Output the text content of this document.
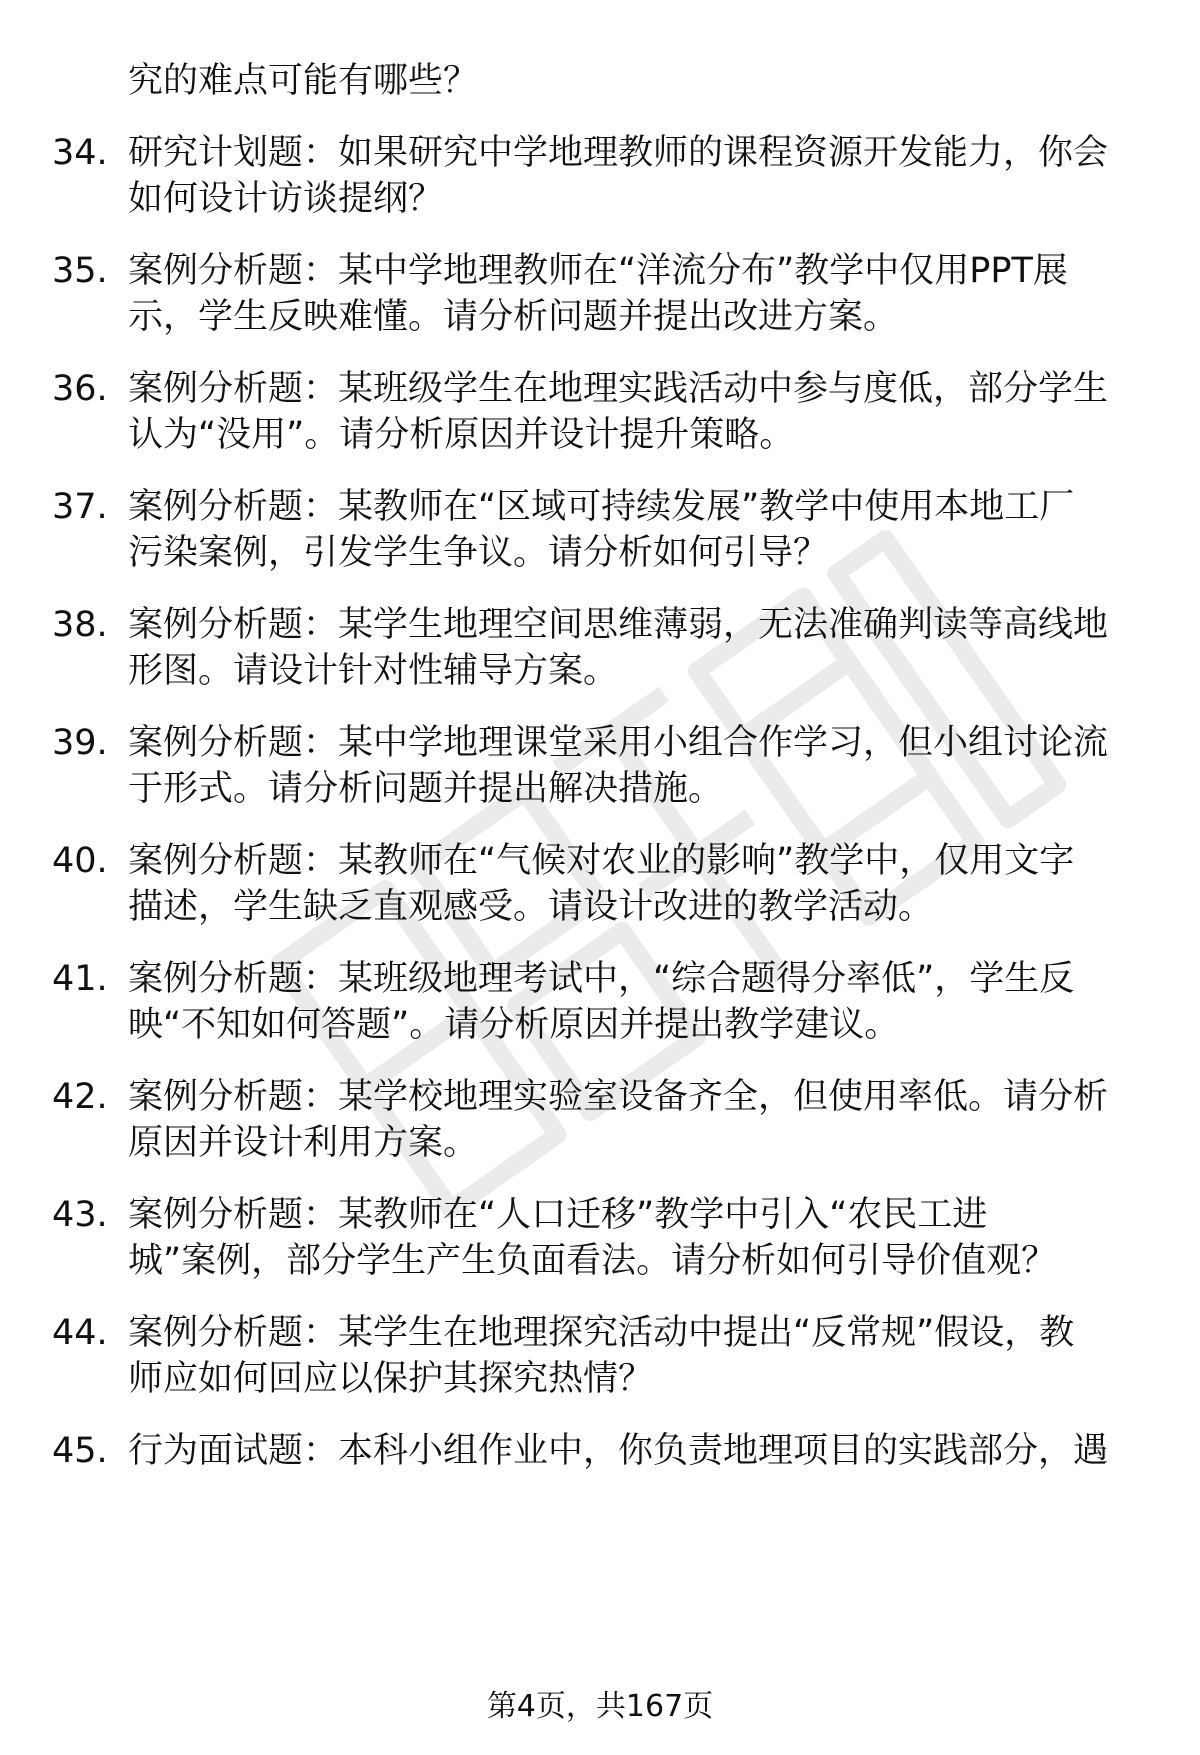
究的难点可能有哪些？
34. 研究计划题：如果研究中学地理教师的课程资源开发能力，你会
如何设计访谈提纲？
35. 案例分析题：某中学地理教师在“洋流分布”教学中仅用PPT展
示，学生反映难懂。请分析问题并提出改进方案。
36. 案例分析题：某班级学生在地理实践活动中参与度低，部分学生
认为“没用”。请分析原因并设计提升策略。
37. 案例分析题：某教师在“区域可持续发展”教学中使用本地工厂
污染案例，引发学生争议。请分析如何引导？
38. 案例分析题：某学生地理空间思维薄弱，无法准确判读等高线地
形图。请设计针对性辅导方案。
39. 案例分析题：某中学地理课堂采用小组合作学习，但小组讨论流
于形式。请分析问题并提出解决措施。
40. 案例分析题：某教师在“气候对农业的影响”教学中，仅用文字
描述，学生缺乏直观感受。请设计改进的教学活动。
41. 案例分析题：某班级地理考试中，“综合题得分率低”，学生反
映“不知如何答题”。请分析原因并提出教学建议。
42. 案例分析题：某学校地理实验室设备齐全，但使用率低。请分析
原因并设计利用方案。
43. 案例分析题：某教师在“人口迁移”教学中引入“农民工进
城”案例，部分学生产生负面看法。请分析如何引导价值观？
44. 案例分析题：某学生在地理探究活动中提出“反常规”假设，教
师应如何回应以保护其探究热情？
45. 行为面试题：本科小组作业中，你负责地理项目的实践部分，遇
第4页，共167页
